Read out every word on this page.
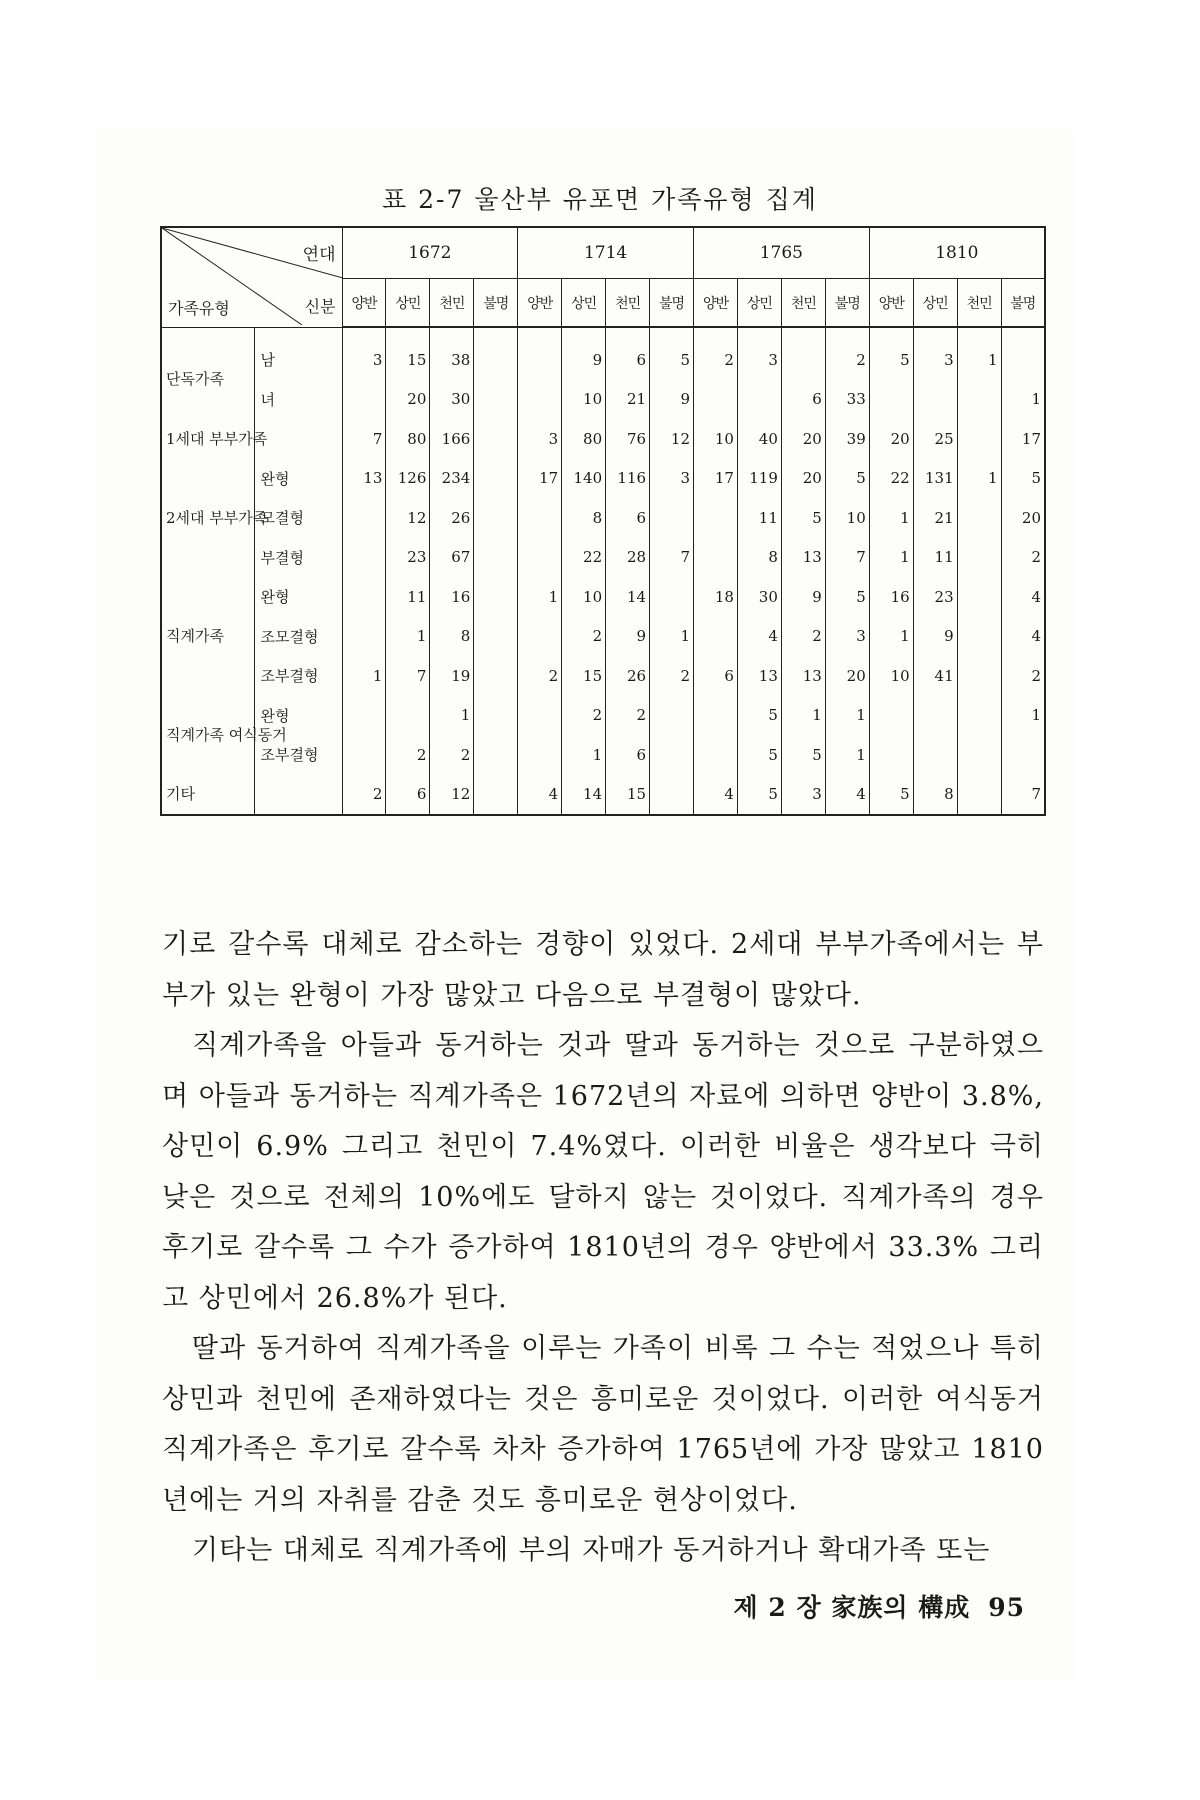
표 2-7 울산부 유포면 가족유형 집계
연대
신분
가족유형		1672				1714				1765				1810			
		양반	상민	천민	불명	양반	상민	천민	불명	양반	상민	천민	불명	양반	상민	천민	불명
단독가족	남	3	15	38			9	6	5	2	3		2	5	3	1	
	녀		20	30			10	21	9			6	33				1
1세대 부부가족		7	80	166		3	80	76	12	10	40	20	39	20	25		17
2세대 부부가족	완형	13	126	234		17	140	116	3	17	119	20	5	22	131	1	5
	모결형		12	26			8	6			11	5	10	1	21		20
	부결형		23	67			22	28	7		8	13	7	1	11		2
직계가족	완형		11	16		1	10	14		18	30	9	5	16	23		4
	조모결형		1	8			2	9	1		4	2	3	1	9		4
	조부결형	1	7	19		2	15	26	2	6	13	13	20	10	41		2
직계가족 여식동거	완형			1			2	2			5	1	1				1
	조부결형		2	2			1	6			5	5	1				
기타		2	6	12		4	14	15		4	5	3	4	5	8		7

기로 갈수록 대체로 감소하는 경향이 있었다. 2세대 부부가족에서는 부부가 있는 완형이 가장 많았고 다음으로 부결형이 많았다.

직계가족을 아들과 동거하는 것과 딸과 동거하는 것으로 구분하였으며 아들과 동거하는 직계가족은 1672년의 자료에 의하면 양반이 3.8%, 상민이 6.9% 그리고 천민이 7.4%였다. 이러한 비율은 생각보다 극히 낮은 것으로 전체의 10%에도 달하지 않는 것이었다. 직계가족의 경우 후기로 갈수록 그 수가 증가하여 1810년의 경우 양반에서 33.3% 그리고 상민에서 26.8%가 된다.

딸과 동거하여 직계가족을 이루는 가족이 비록 그 수는 적었으나 특히 상민과 천민에 존재하였다는 것은 흥미로운 것이었다. 이러한 여식동거 직계가족은 후기로 갈수록 차차 증가하여 1765년에 가장 많았고 1810년에는 거의 자취를 감춘 것도 흥미로운 현상이었다.

기타는 대체로 직계가족에 부의 자매가 동거하거나 확대가족 또는

제 2 장 家族의 構成 95
